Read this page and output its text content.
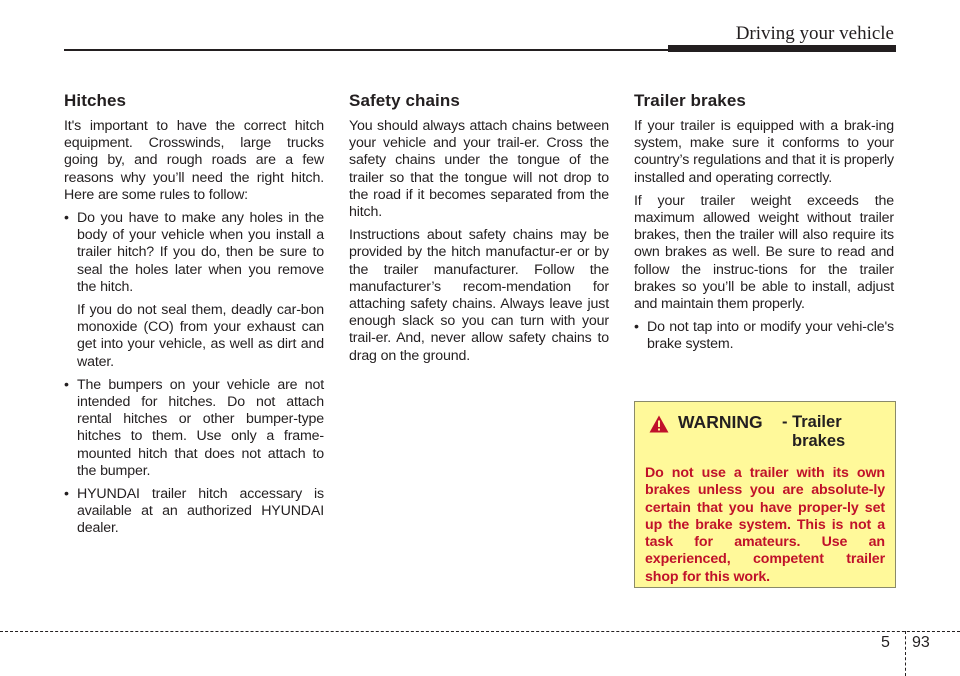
Driving your vehicle
Hitches

It's important to have the correct hitch equipment. Crosswinds, large trucks going by, and rough roads are a few reasons why you’ll need the right hitch. Here are some rules to follow:

• Do you have to make any holes in the body of your vehicle when you install a trailer hitch? If you do, then be sure to seal the holes later when you remove the hitch.

If you do not seal them, deadly car-bon monoxide (CO) from your exhaust can get into your vehicle, as well as dirt and water.

• The bumpers on your vehicle are not intended for hitches. Do not attach rental hitches or other bumper-type hitches to them. Use only a frame-mounted hitch that does not attach to the bumper.

• HYUNDAI trailer hitch accessary is available at an authorized HYUNDAI dealer.

Safety chains

You should always attach chains between your vehicle and your trail-er. Cross the safety chains under the tongue of the trailer so that the tongue will not drop to the road if it becomes separated from the hitch.

Instructions about safety chains may be provided by the hitch manufactur-er or by the trailer manufacturer. Follow the manufacturer’s recom-mendation for attaching safety chains. Always leave just enough slack so you can turn with your trail-er. And, never allow safety chains to drag on the ground.

Trailer brakes

If your trailer is equipped with a brak-ing system, make sure it conforms to your country’s regulations and that it is properly installed and operating correctly.

If your trailer weight exceeds the maximum allowed weight without trailer brakes, then the trailer will also require its own brakes as well. Be sure to read and follow the instruc-tions for the trailer brakes so you’ll be able to install, adjust and maintain them properly.

• Do not tap into or modify your vehi-cle's brake system.

WARNING - Trailer
brakes

Do not use a trailer with its own brakes unless you are absolute-ly certain that you have proper-ly set up the brake system. This is not a task for amateurs. Use an experienced, competent trailer shop for this work.

5 93
